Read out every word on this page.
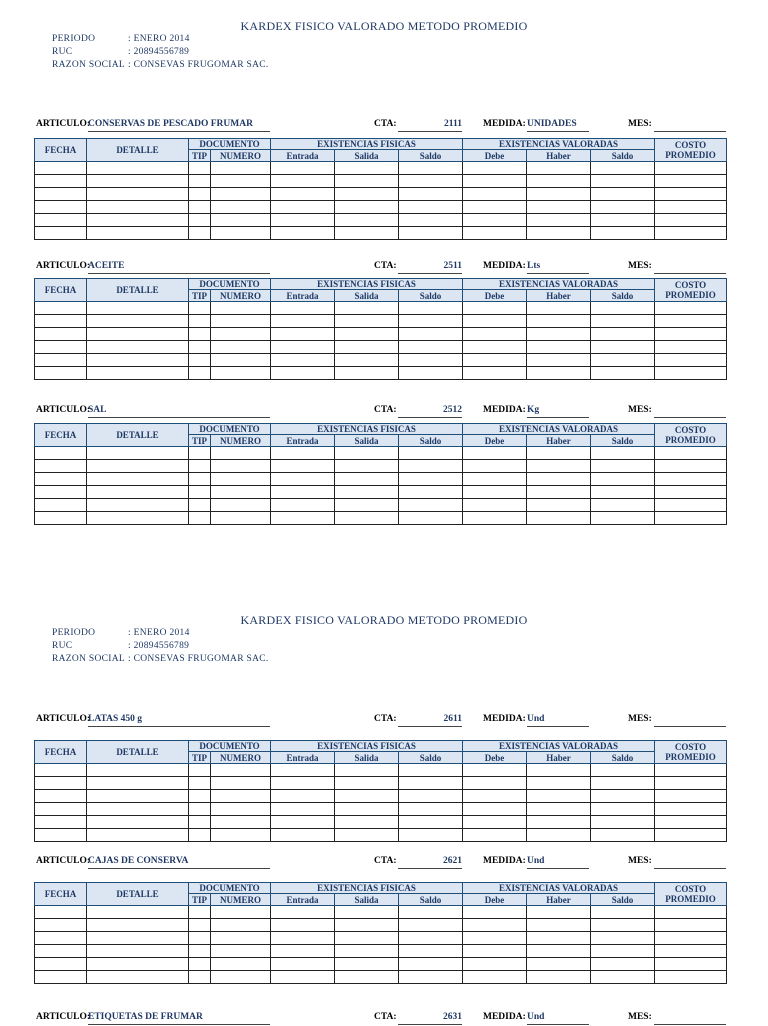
KARDEX FISICO VALORADO METODO PROMEDIO
PERIODO	: ENERO 2014
RUC	: 20894556789
RAZON SOCIAL : CONSEVAS FRUGOMAR SAC.
KARDEX FISICO VALORADO METODO PROMEDIO
PERIODO	: ENERO 2014
RUC	: 20894556789
RAZON SOCIAL : CONSEVAS FRUGOMAR SAC.
ARTICULO:
CONSERVAS DE PESCADO FRUMAR	CTA:	2111 MEDIDA: UNIDADES	MES:
FECHA	DETALLE	DOCUMENTO		EXISTENCIAS FISICAS			EXISTENCIAS VALORADAS			COSTO
PROMEDIO

		TIP	NUMERO	Entrada	Salida	Saldo	Debe	Haber	Saldo	

ARTICULO:
ACEITE	CTA:	2511 MEDIDA: Lts	MES:
FECHA	DETALLE	DOCUMENTO		EXISTENCIAS FISICAS			EXISTENCIAS VALORADAS			COSTO
PROMEDIO

		TIP	NUMERO	Entrada	Salida	Saldo	Debe	Haber	Saldo	

ARTICULO:
SAL	CTA:	2512 MEDIDA: Kg	MES:
FECHA	DETALLE	DOCUMENTO		EXISTENCIAS FISICAS			EXISTENCIAS VALORADAS			COSTO
PROMEDIO

		TIP	NUMERO	Entrada	Salida	Saldo	Debe	Haber	Saldo	

ARTICULO:
LATAS 450 g	CTA:	2611 MEDIDA: Und	MES:
FECHA	DETALLE	DOCUMENTO		EXISTENCIAS FISICAS			EXISTENCIAS VALORADAS			COSTO
PROMEDIO

		TIP	NUMERO	Entrada	Salida	Saldo	Debe	Haber	Saldo	

ARTICULO:
CAJAS DE CONSERVA	CTA:	2621 MEDIDA: Und	MES:
FECHA	DETALLE	DOCUMENTO		EXISTENCIAS FISICAS			EXISTENCIAS VALORADAS			COSTO
PROMEDIO

		TIP	NUMERO	Entrada	Salida	Saldo	Debe	Haber	Saldo	

ARTICULO:
ETIQUETAS DE FRUMAR	CTA:	2631 MEDIDA: Und	MES:
